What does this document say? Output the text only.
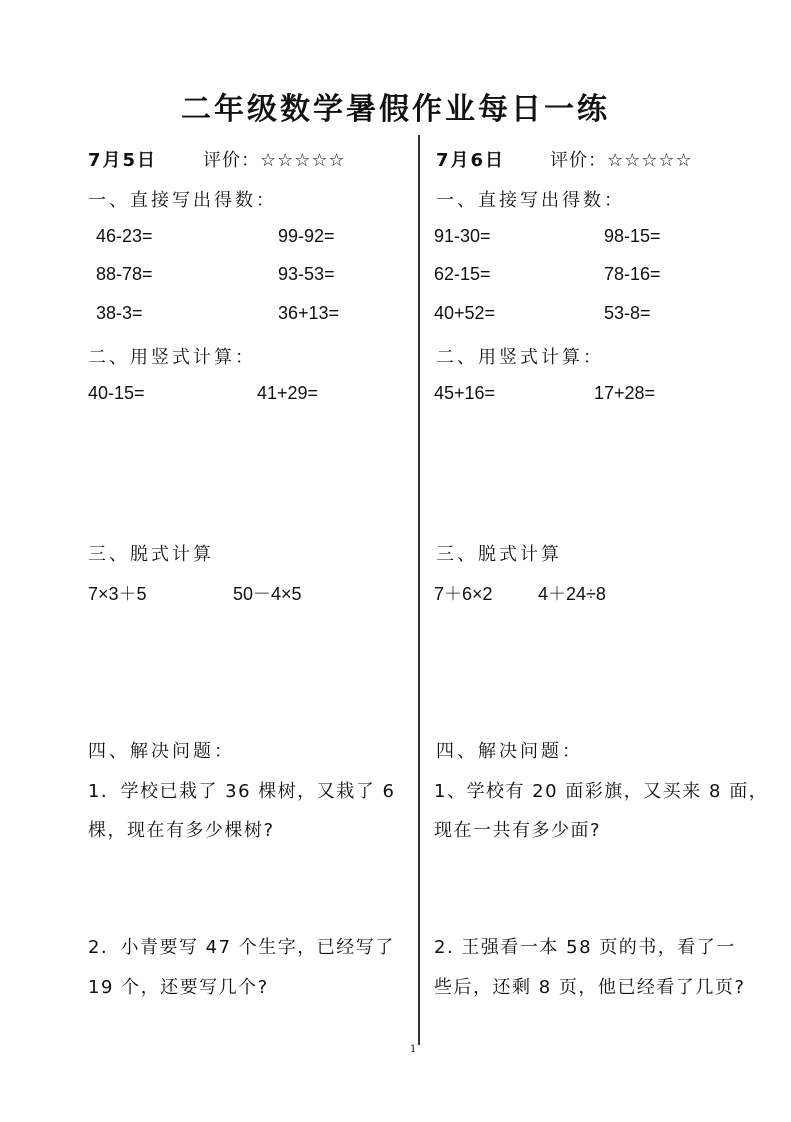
二年级数学暑假作业每日一练
7月5日	评价：☆☆☆☆☆
一、直接写出得数：
46-23=	99-92=
88-78=	93-53=
38-3=	36+13=
二、用竖式计算：
40-15=	41+29=
三、脱式计算
7×3＋5	50－4×5
四、解决问题：
1．学校已栽了 36 棵树，又栽了 6
棵，现在有多少棵树?
2．小青要写 47 个生字，已经写了
19 个，还要写几个?
7月6日 评价：☆☆☆☆☆
一、直接写出得数：
91-30=	98-15=
62-15=	78-16=
40+52=	53-8=
二、用竖式计算：
45+16=	17+28=
三、脱式计算
7＋6×2	4＋24÷8
四、解决问题：
1、学校有 20 面彩旗，又买来 8 面，
现在一共有多少面?
2. 王强看一本 58 页的书，看了一
些后，还剩 8 页，他已经看了几页?
1
